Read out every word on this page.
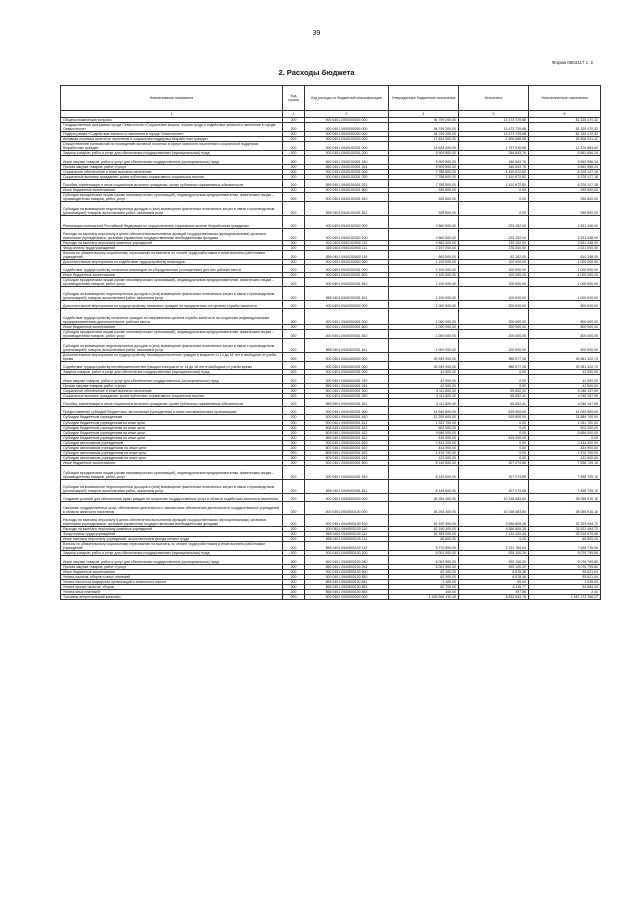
39
Форма 0503117 с. 2
2. Расходы бюджета
Наименование показателя	Код строки	Код расхода по бюджетной классификации	Утвержденные бюджетные назначения	Исполнено	Неисполненные назначения
1	2	3	4	5	6
Общеэкономические вопросы	200	000 0401 0000000000 000	94 799 200,00	13 473 729,68	81 325 470,32
Государственная программа города Севастополя «Социальная защита, охрана труда и содействие занятости населения в городе Севастополе»	200	000 0401 0900000000 000	94 799 200,00	13 473 729,68	81 325 470,32
Подпрограмма «Содействие занятости населения в городе Севастополе»	200	000 0401 0940000000 000	94 799 200,00	13 473 729,68	81 325 470,32
Активная политика занятости населения и социальная поддержка безработных граждан	200	000 0401 0940100000 000	17 484 900,00	1 906 668,58	15 508 231,42
Осуществление полномочий по проведению активной политики в сфере занятости населения и социальной поддержки безработных граждан	200	000 0401 0940100301 000	14 634 400,00	1 757 516,58	12 876 883,42
Закупка товаров, работ и услуг для обеспечения государственных (муниципальных) нужд	200	000 0401 0940100301 200	5 909 800,00	346 843,76	5 562 956,24
Иные закупки товаров, работ и услуг для обеспечения государственных (муниципальных) нужд	200	000 0401 0940100301 240	5 909 800,00	346 843,76	5 562 956,24
Прочая закупка товаров, работ и услуг	200	855 0401 0940100301 244	5 909 800,00	346 843,76	5 562 956,24
Социальное обеспечение и иные выплаты населению	200	000 0401 0940100301 300	7 788 800,00	1 410 672,82	6 378 127,18
Социальные выплаты гражданам, кроме публичных нормативных социальных выплат	200	000 0401 0940100301 320	7 788 800,00	1 410 672,82	6 378 127,18
Пособия, компенсации и иные социальные выплаты гражданам, кроме публичных нормативных обязательств	200	855 0401 0940100301 321	7 788 800,00	1 410 672,82	6 378 127,18
Иные бюджетные ассигнования	200	000 0401 0940100301 800	935 800,00	0,00	935 800,00
Субсидии юридическим лицам (кроме некоммерческих организаций), индивидуальным предпринимателям, физическим лицам – производителям товаров, работ, услуг	200	000 0401 0940100301 810	935 800,00	0,00	935 800,00
Субсидии на возмещение недополученных доходов и (или) возмещение фактически понесенных затрат в связи с производством (реализацией) товаров, выполнением работ, оказанием услуг	200	855 0401 0940100301 811	935 800,00	0,00	935 800,00
Реализация полномочий Российской Федерации по осуществлению социальных выплат безработным гражданам	200	000 0401 0940152900 000	2 860 500,00	229 152,00	2 631 348,00
Расходы на выплаты персоналу в целях обеспечения выполнения функций государственными (муниципальными) органами, казенными учреждениями, органами управления государственными внебюджетными фондами	200	000 0401 0940152900 100	2 860 500,00	229 152,00	2 631 348,00
Расходы на выплаты персоналу казенных учреждений	200	000 0401 0940152900 110	2 860 500,00	229 152,00	2 631 348,00
Фонд оплаты труда учреждений	200	855 0401 0940152900 111	2 197 000,00	176 000,00	2 021 000,00
Взносы по обязательному социальному страхованию на выплаты по оплате труда работников и иные выплаты работникам учреждений	200	855 0401 0940152900 119	663 500,00	53 152,00	610 348,00
Дополнительные мероприятия по содействию трудоустройству инвалидов	200	000 0401 0940200000 000	1 100 000,00	100 000,00	1 000 000,00
Содействие трудоустройству незанятых инвалидов на оборудованные (оснащенные) для них рабочие места	200	000 0401 0940200301 000	1 100 000,00	100 000,00	1 000 000,00
Иные бюджетные ассигнования	200	000 0401 0940200301 800	1 100 000,00	100 000,00	1 000 000,00
Субсидии юридическим лицам (кроме некоммерческих организаций), индивидуальным предпринимателям, физическим лицам – производителям товаров, работ, услуг	200	000 0401 0940200301 810	1 100 000,00	100 000,00	1 000 000,00
Субсидии на возмещение недополученных доходов и (или) возмещение фактически понесенных затрат в связи с производством (реализацией) товаров, выполнением работ, оказанием услуг	200	855 0401 0940200301 811	1 100 000,00	100 000,00	1 000 000,00
Дополнительные мероприятия по трудоустройству незанятых граждан на предприятиях и в органах службы занятости	200	000 0401 0940300000 000	1 000 000,00	200 000,00	800 000,00
Содействие трудоустройству незанятых граждан по направлению органов службы занятости на созданные индивидуальными предпринимателями дополнительные рабочие места	200	000 0401 0940300301 000	1 000 000,00	200 000,00	800 000,00
Иные бюджетные ассигнования	200	000 0401 0940300301 800	1 000 000,00	200 000,00	800 000,00
Субсидии юридическим лицам (кроме некоммерческих организаций), индивидуальным предпринимателям, физическим лицам – производителям товаров, работ, услуг	200	000 0401 0940300301 810	1 000 000,00	200 000,00	800 000,00
Субсидии на возмещение недополученных доходов и (или) возмещение фактически понесенных затрат в связи с производством (реализацией) товаров, выполнением работ, оказанием услуг	200	855 0401 0940300301 811	1 000 000,00	200 000,00	800 000,00
Дополнительные мероприятия по трудоустройству несовершеннолетних граждан в возрасте от 14 до 18 лет в свободное от учебы время	200	000 0401 0940400000 000	26 949 900,00	988 577,26	25 961 322,74
Содействие трудоустройству несовершеннолетних граждан в возрасте от 14 до 18 лет в свободное от учебы время	200	000 0401 0940400301 000	26 949 900,00	988 577,26	25 961 322,74
Закупка товаров, работ и услуг для обеспечения государственных (муниципальных) нужд	200	000 0401 0940400301 200	42 500,00	0,00	42 500,00
Иные закупки товаров, работ и услуг для обеспечения государственных (муниципальных) нужд	200	000 0401 0940400301 240	42 500,00	0,00	42 500,00
Прочая закупка товаров, работ и услуг	200	855 0401 0940400301 244	42 500,00	0,00	42 500,00
Социальное обеспечение и иные выплаты населению	200	000 0401 0940400301 300	4 111 800,00	65 602,41	4 046 197,59
Социальные выплаты гражданам, кроме публичных нормативных социальных выплат	200	000 0401 0940400301 320	4 111 800,00	65 602,41	4 046 197,59
Пособия, компенсации и иные социальные выплаты гражданам, кроме публичных нормативных обязательств	200	855 0401 0940400301 321	4 111 800,00	65 602,41	4 046 197,59
Предоставление субсидий бюджетным, автономным учреждениям и иным некоммерческим организациям	200	000 0401 0940400301 600	14 649 800,00	615 900,00	14 033 900,00
Субсидии бюджетным учреждениям	200	000 0401 0940400301 610	12 205 600,00	615 900,00	11 589 700,00
Субсидии бюджетным учреждениям на иные цели	200	000 0401 0940400301 612	1 331 700,00	0,00	1 331 700,00
Субсидии бюджетным учреждениям на иные цели	200	808 0401 0940400301 612	602 000,00	0,00	602 000,00
Субсидии бюджетным учреждениям на иные цели	200	809 0401 0940400301 612	9 656 000,00	0,00	9 656 000,00
Субсидии бюджетным учреждениям на иные цели	200	855 0401 0940400301 612	615 900,00	615 900,00	0,00
Субсидии автономным учреждениям	200	000 0401 0940400301 620	2 444 200,00	0,00	2 444 200,00
Субсидии автономным учреждениям на иные цели	200	807 0401 0940400301 622	444 900,00	0,00	444 900,00
Субсидии автономным учреждениям на иные цели	200	808 0401 0940400301 622	1 876 700,00	0,00	1 876 700,00
Субсидии автономным учреждениям на иные цели	200	809 0401 0940400301 622	122 600,00	0,00	122 600,00
Иные бюджетные ассигнования	200	000 0401 0940400301 800	8 145 800,00	307 074,85	7 838 725,15
Субсидии юридическим лицам (кроме некоммерческих организаций), индивидуальным предпринимателям, физическим лицам – производителям товаров, работ, услуг	200	000 0401 0940400301 810	8 145 800,00	307 074,85	7 838 725,15
Субсидии на возмещение недополученных доходов и (или) возмещение фактически понесенных затрат в связи с производством (реализацией) товаров, выполнением работ, оказанием услуг	200	855 0401 0940400301 811	8 145 800,00	307 074,85	7 838 725,15
Создание условий для обеспечения прав граждан на получение государственных услуг в области содействия занятости населения	200	000 0401 0940500000 000	48 254 400,00	10 198 483,84	38 055 916,16
Оказание государственных услуг, обеспечение деятельности, финансовое обеспечение деятельности государственных учреждений в области занятости населения	200	000 0401 0940500100 000	48 254 400,00	10 198 483,84	38 055 916,16
Расходы на выплаты персоналу в целях обеспечения выполнения функций государственными (муниципальными) органами, казенными учреждениями, органами управления государственными внебюджетными фондами	200	000 0401 0940500100 100	42 190 300,00	9 266 805,28	32 923 494,72
Расходы на выплаты персоналу казенных учреждений	200	000 0401 0940500100 110	42 190 300,00	9 266 805,28	32 923 494,72
Фонд оплаты труда учреждений	200	855 0401 0940500100 111	32 353 000,00	7 134 420,34	25 218 579,66
Иные выплаты персоналу учреждений, за исключением фонда оплаты труда	200	855 0401 0940500100 112	66 800,00	0,00	66 800,00
Взносы по обязательному социальному страхованию на выплаты по оплате труда работников и иные выплаты работникам учреждений	200	855 0401 0940500100 119	9 770 500,00	2 131 784,94	7 638 715,06
Закупка товаров, работ и услуг для обеспечения государственных (муниципальных) нужд	200	000 0401 0940500100 200	6 001 900,00	925 100,20	5 076 799,80
Иные закупки товаров, работ и услуг для обеспечения государственных (муниципальных) нужд	200	000 0401 0940500100 240	6 001 900,00	925 100,20	5 076 799,80
Прочая закупка товаров, работ и услуг	200	855 0401 0940500100 244	6 001 900,00	925 100,20	5 076 799,80
Иные бюджетные ассигнования	200	000 0401 0940500100 800	62 200,00	6 578,36	55 621,64
Уплата налогов, сборов и иных платежей	200	000 0401 0940500100 850	62 200,00	6 578,36	55 621,64
Уплата налога на имущество организаций и земельного налога	200	855 0401 0940500100 851	1 100,00	65,00	1 035,00
Уплата прочих налогов, сборов	200	855 0401 0940500100 852	60 700,00	6 115,77	54 584,23
Уплата иных платежей	200	855 0401 0940500100 853	400,00	397,59	2,41
Топливно-энергетический комплекс	200	000 0402 0000000000 000	1 493 906 410,05	6 632 643,78	1 487 273 766,27
